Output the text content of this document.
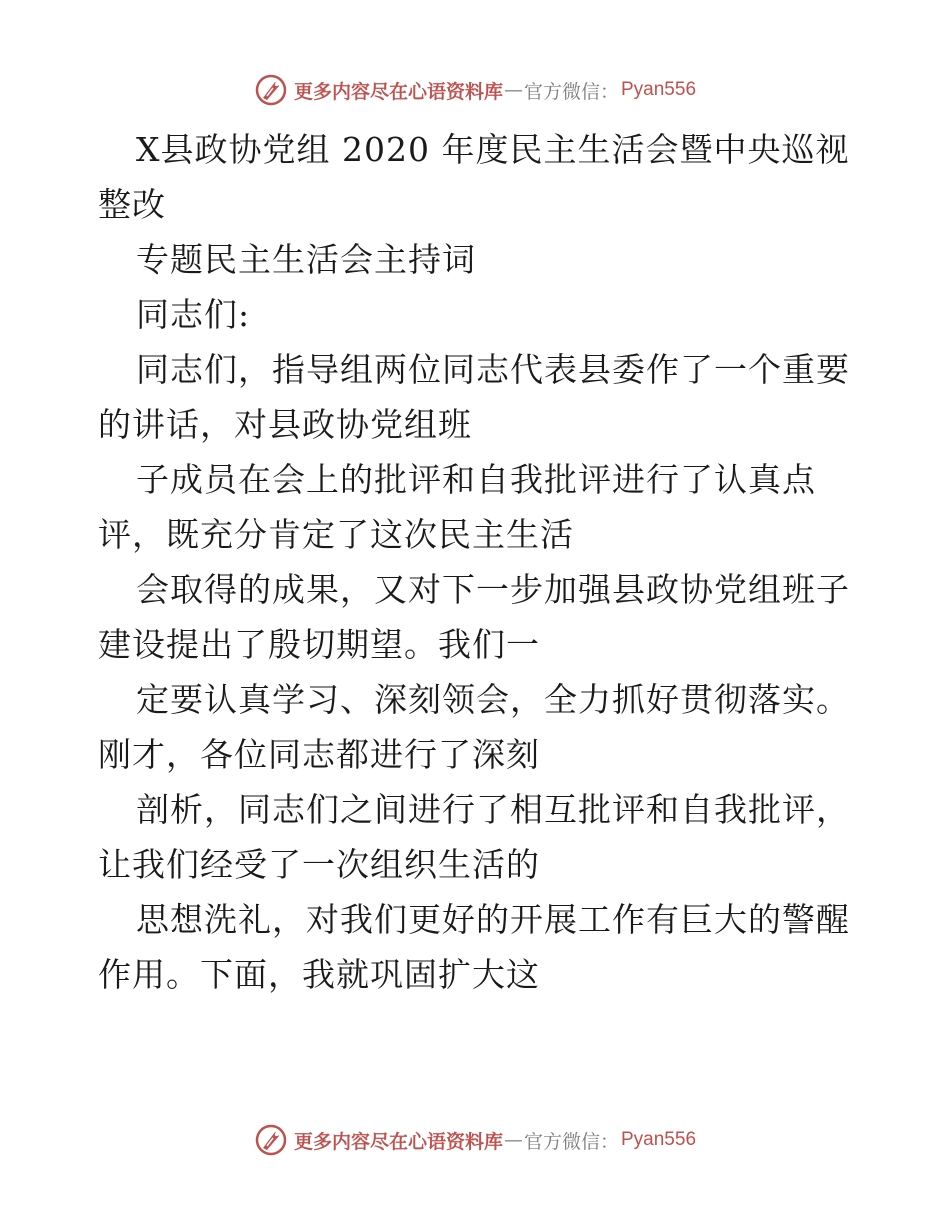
更多内容尽在心语资料库 — 官方微信： Pyan556
X县政协党组 2020 年度民主生活会暨中央巡视
整改
专题民主生活会主持词
同志们:
同志们，指导组两位同志代表县委作了一个重要
的讲话，对县政协党组班
子成员在会上的批评和自我批评进行了认真点
评，既充分肯定了这次民主生活
会取得的成果，又对下一步加强县政协党组班子
建设提出了殷切期望。我们一
定要认真学习、深刻领会，全力抓好贯彻落实。
刚才，各位同志都进行了深刻
剖析，同志们之间进行了相互批评和自我批评，
让我们经受了一次组织生活的
思想洗礼，对我们更好的开展工作有巨大的警醒
作用。下面，我就巩固扩大这
更多内容尽在心语资料库 — 官方微信： Pyan556
